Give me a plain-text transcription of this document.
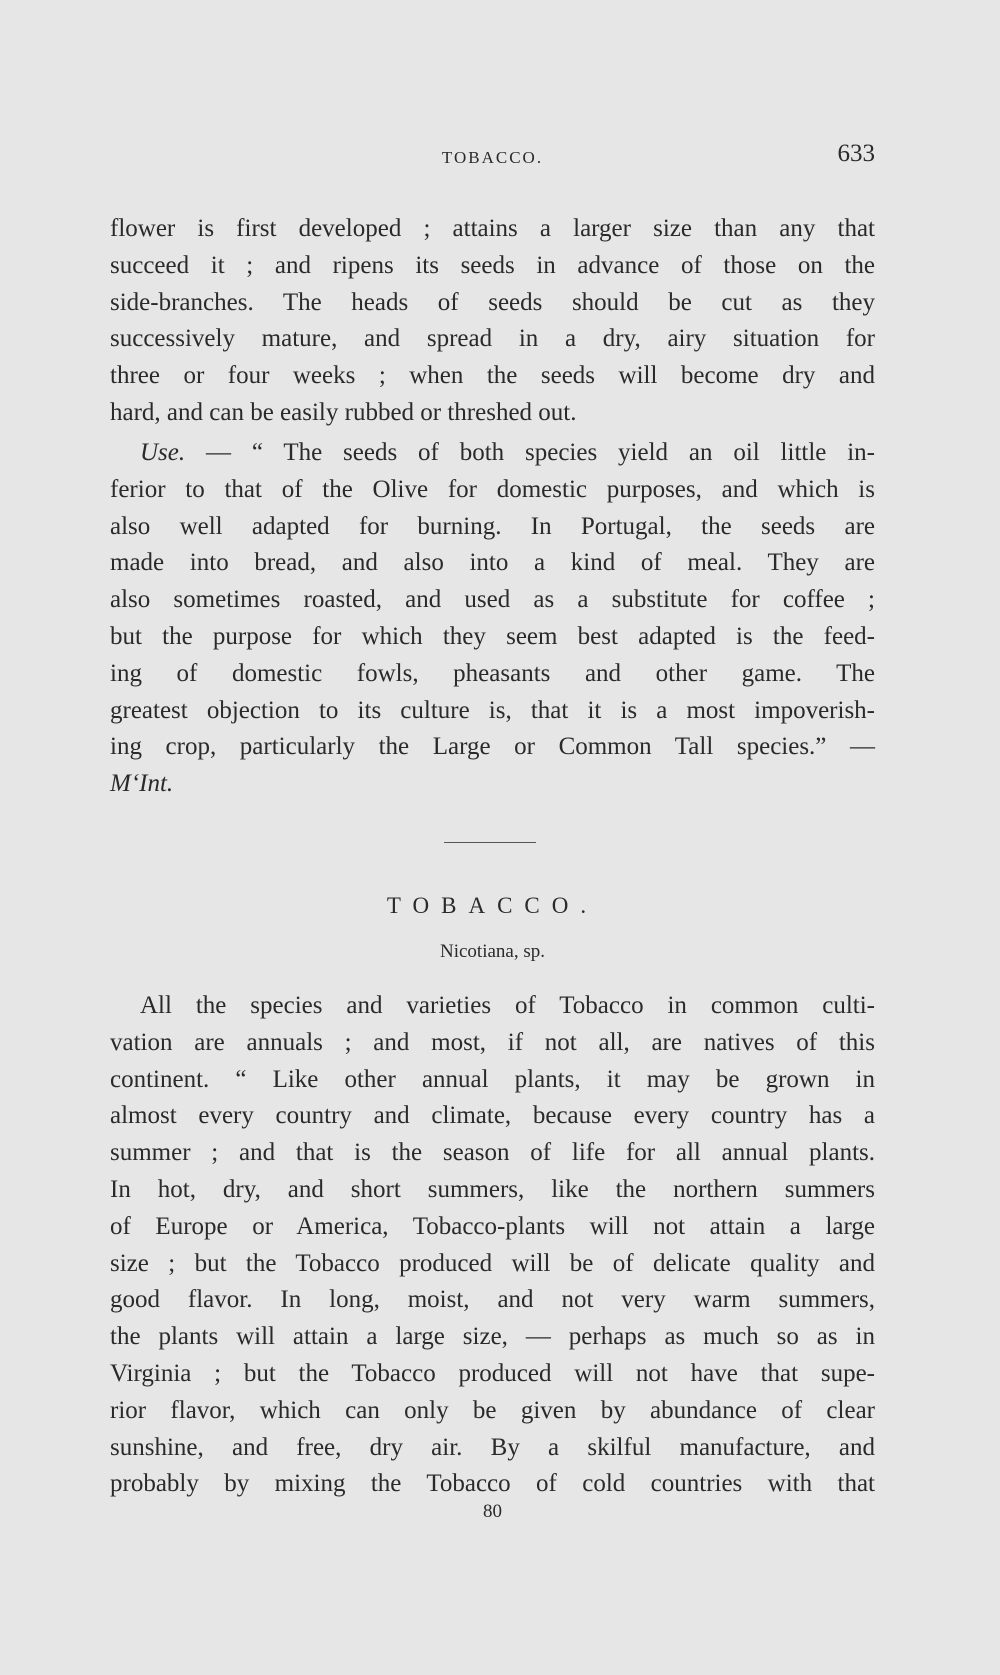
TOBACCO.	633

flower is first developed ; attains a larger size than any that

succeed it ; and ripens its seeds in advance of those on the

side-branches. The heads of seeds should be cut as they

successively mature, and spread in a dry, airy situation for

three or four weeks ; when the seeds will become dry and

hard, and can be easily rubbed or threshed out.

Use. — “ The seeds of both species yield an oil little in-

ferior to that of the Olive for domestic purposes, and which is

also well adapted for burning. In Portugal, the seeds are

made into bread, and also into a kind of meal. They are

also sometimes roasted, and used as a substitute for coffee ;

but the purpose for which they seem best adapted is the feed-

ing of domestic fowls, pheasants and other game. The

greatest objection to its culture is, that it is a most impoverish-

ing crop, particularly the Large or Common Tall species.” —

M‘Int.

TOBACCO.
Nicotiana, sp.

All the species and varieties of Tobacco in common culti-

vation are annuals ; and most, if not all, are natives of this

continent. “ Like other annual plants, it may be grown in

almost every country and climate, because every country has a

summer ; and that is the season of life for all annual plants.

In hot, dry, and short summers, like the northern summers

of Europe or America, Tobacco-plants will not attain a large

size ; but the Tobacco produced will be of delicate quality and

good flavor. In long, moist, and not very warm summers,

the plants will attain a large size, — perhaps as much so as in

Virginia ; but the Tobacco produced will not have that supe-

rior flavor, which can only be given by abundance of clear

sunshine, and free, dry air. By a skilful manufacture, and

probably by mixing the Tobacco of cold countries with that

80
